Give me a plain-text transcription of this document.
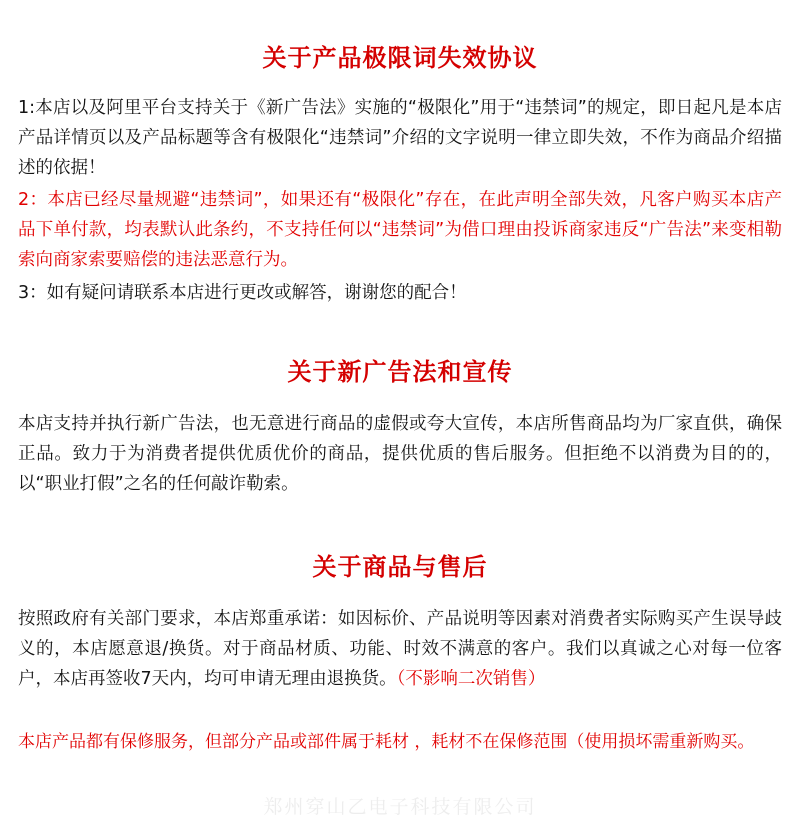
关于产品极限词失效协议

1:本店以及阿里平台支持关于《新广告法》实施的“极限化”用于“违禁词”的规定，即日起凡是本店产品详情页以及产品标题等含有极限化“违禁词”介绍的文字说明一律立即失效，不作为商品介绍描述的依据！

2：本店已经尽量规避“违禁词”，如果还有“极限化”存在，在此声明全部失效，凡客户购买本店产品下单付款，均表默认此条约，不支持任何以“违禁词”为借口理由投诉商家违反“广告法”来变相勒索向商家索要赔偿的违法恶意行为。

3：如有疑问请联系本店进行更改或解答，谢谢您的配合！

关于新广告法和宣传

本店支持并执行新广告法，也无意进行商品的虚假或夸大宣传，本店所售商品均为厂家直供，确保正品。致力于为消费者提供优质优价的商品，提供优质的售后服务。但拒绝不以消费为目的的，以“职业打假”之名的任何敲诈勒索。

关于商品与售后

按照政府有关部门要求，本店郑重承诺：如因标价、产品说明等因素对消费者实际购买产生误导歧义的，本店愿意退/换货。对于商品材质、功能、时效不满意的客户。我们以真诚之心对每一位客户，本店再签收7天内，均可申请无理由退换货。（不影响二次销售）

本店产品都有保修服务，但部分产品或部件属于耗材 ，耗材不在保修范围（使用损坏需重新购买。

郑州穿山乙电子科技有限公司
